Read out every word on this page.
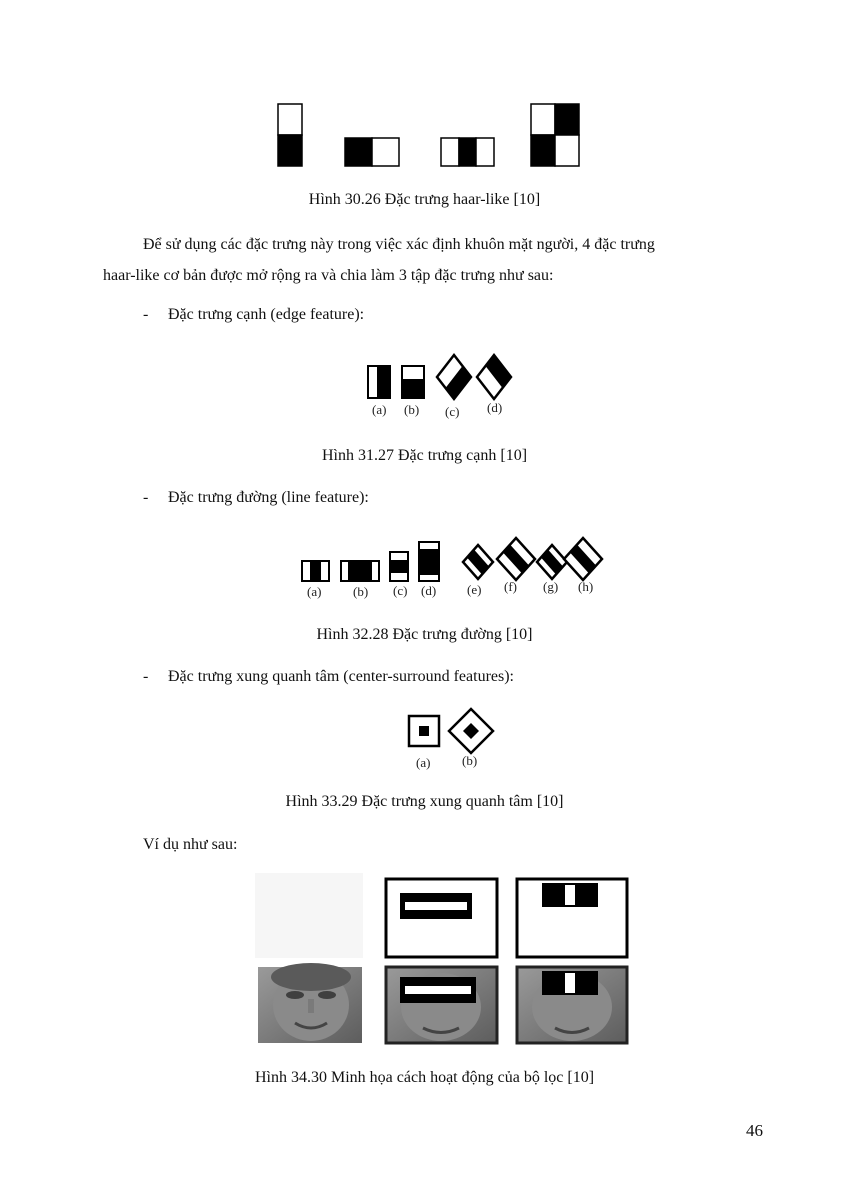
Hình 30.26 Đặc trưng haar-like [10]
Để sử dụng các đặc trưng này trong việc xác định khuôn mặt người, 4 đặc trưng
haar-like cơ bản được mở rộng ra và chia làm 3 tập đặc trưng như sau:
- Đặc trưng cạnh (edge feature):
(a) (b) (c) (d)
Hình 31.27 Đặc trưng cạnh [10]
- Đặc trưng đường (line feature):
(a) (b) (c) (d) (e) (f) (g) (h)
Hình 32.28 Đặc trưng đường [10]
- Đặc trưng xung quanh tâm (center-surround features):
(a) (b)
Hình 33.29 Đặc trưng xung quanh tâm [10]
Ví dụ như sau:
Hình 34.30 Minh họa cách hoạt động của bộ lọc [10]
46
